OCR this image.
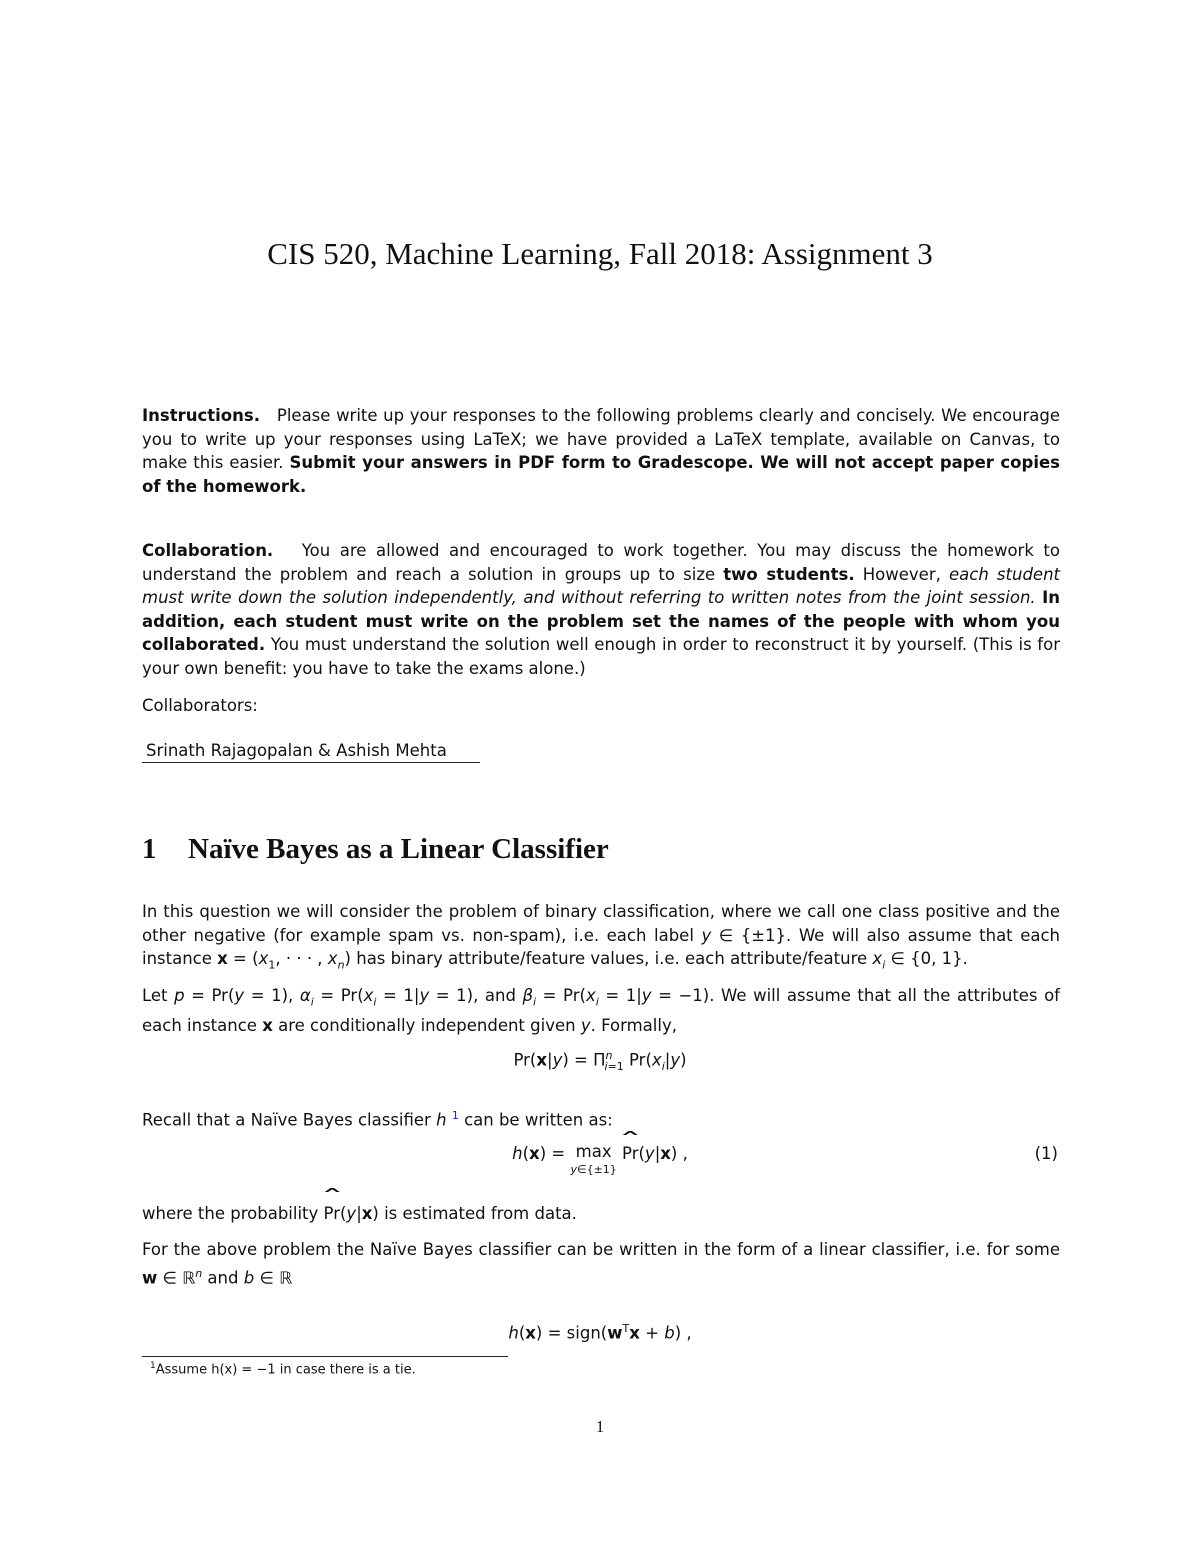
CIS 520, Machine Learning, Fall 2018: Assignment 3
Instructions. Please write up your responses to the following problems clearly and concisely. We encourage you to write up your responses using LaTeX; we have provided a LaTeX template, available on Canvas, to make this easier. Submit your answers in PDF form to Gradescope. We will not accept paper copies of the homework.
Collaboration. You are allowed and encouraged to work together. You may discuss the homework to understand the problem and reach a solution in groups up to size two students. However, each student must write down the solution independently, and without referring to written notes from the joint session. In addition, each student must write on the problem set the names of the people with whom you collaborated. You must understand the solution well enough in order to reconstruct it by yourself. (This is for your own benefit: you have to take the exams alone.)
Collaborators:
Srinath Rajagopalan & Ashish Mehta
1 Naïve Bayes as a Linear Classifier
In this question we will consider the problem of binary classification, where we call one class positive and the other negative (for example spam vs. non-spam), i.e. each label y ∈ {±1}. We will also assume that each instance $x = (x_1$, · · · , $x_n$) has binary attribute/feature values, i.e. each attribute/feature $x_i$ ∈ {0, 1}.
Let p = Pr(y = 1), $\alpha_i = Pr(x_i = 1|y = 1)$, and $\beta_i = Pr(x_i = 1|y = -1)$. We will assume that all the attributes of each instance x are conditionally independent given y. Formally,
$Pr(x|y) = \Pi^n_{i=1}$ $Pr(x_i|y)$
Recall that a Naïve Bayes classifier h $^1$ can be written as:
h(x) = max
y∈{±1} ˆ Pr(y|x) ,	(1)
where the probability ˆ Pr(y|x) is estimated from data.
For the above problem the Naïve Bayes classifier can be written in the form of a linear classifier, i.e. for some w ∈ ℝ$^n$ and b ∈ ℝ
$h(x) = sign(w^Tx + b)$ ,
$^1$Assume h(x) = −1 in case there is a tie.
1
